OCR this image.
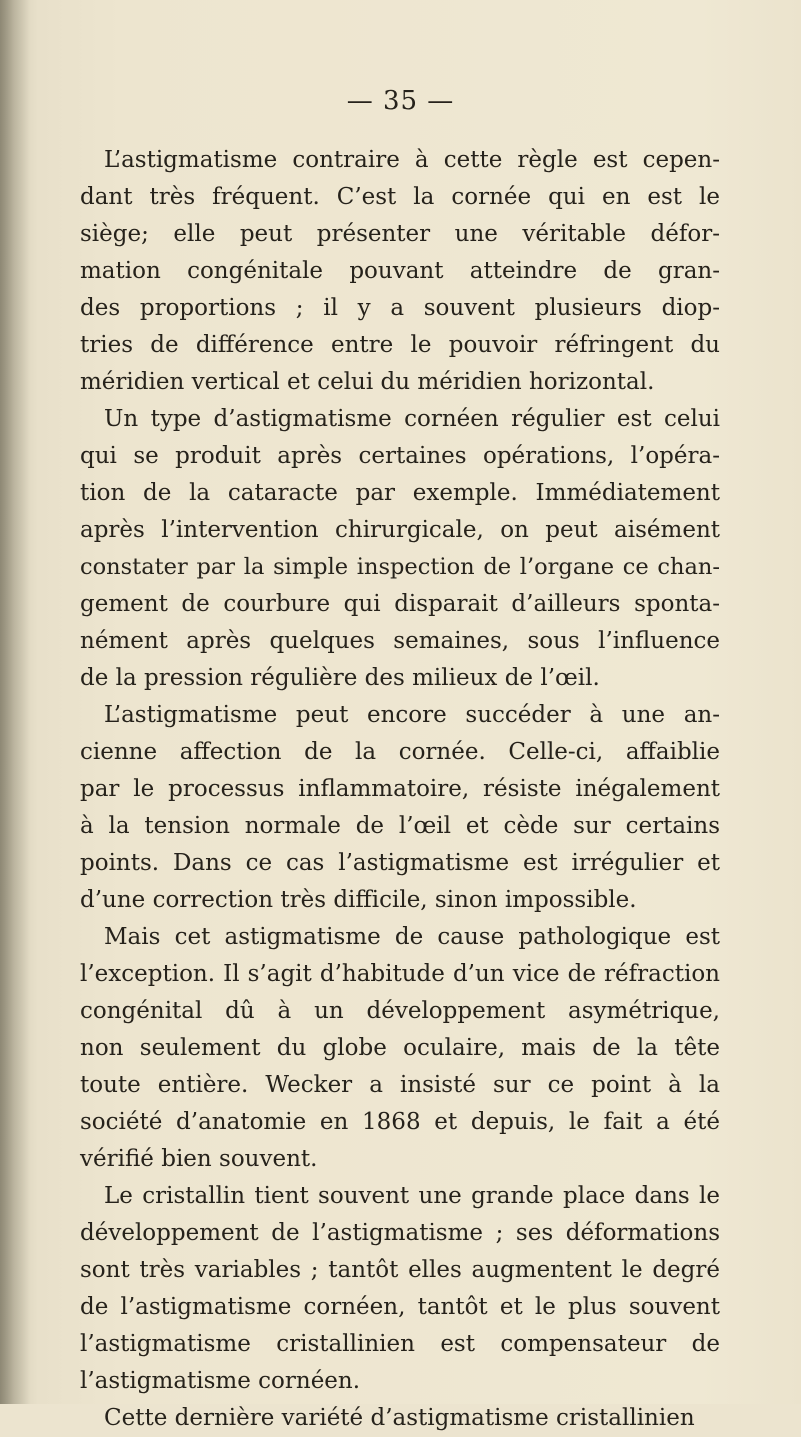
— 35 —
L’astigmatisme contraire à cette règle est cepen-
dant très fréquent. C’est la cornée qui en est le
siège; elle peut présenter une véritable défor-
mation congénitale pouvant atteindre de gran-
des proportions ; il y a souvent plusieurs diop-
tries de différence entre le pouvoir réfringent du
méridien vertical et celui du méridien horizontal.
Un type d’astigmatisme cornéen régulier est celui
qui se produit après certaines opérations, l’opéra-
tion de la cataracte par exemple. Immédiatement
après l’intervention chirurgicale, on peut aisément
constater par la simple inspection de l’organe ce chan-
gement de courbure qui disparait d’ailleurs sponta-
nément après quelques semaines, sous l’influence
de la pression régulière des milieux de l’œil.
L’astigmatisme peut encore succéder à une an-
cienne affection de la cornée. Celle-ci, affaiblie
par le processus inflammatoire, résiste inégalement
à la tension normale de l’œil et cède sur certains
points. Dans ce cas l’astigmatisme est irrégulier et
d’une correction très difficile, sinon impossible.
Mais cet astigmatisme de cause pathologique est
l’exception. Il s’agit d’habitude d’un vice de réfraction
congénital dû à un développement asymétrique,
non seulement du globe oculaire, mais de la tête
toute entière. Wecker a insisté sur ce point à la
société d’anatomie en 1868 et depuis, le fait a été
vérifié bien souvent.
Le cristallin tient souvent une grande place dans le
développement de l’astigmatisme ; ses déformations
sont très variables ; tantôt elles augmentent le degré
de l’astigmatisme cornéen, tantôt et le plus souvent
l’astigmatisme cristallinien est compensateur de
l’astigmatisme cornéen.
Cette dernière variété d’astigmatisme cristallinien
